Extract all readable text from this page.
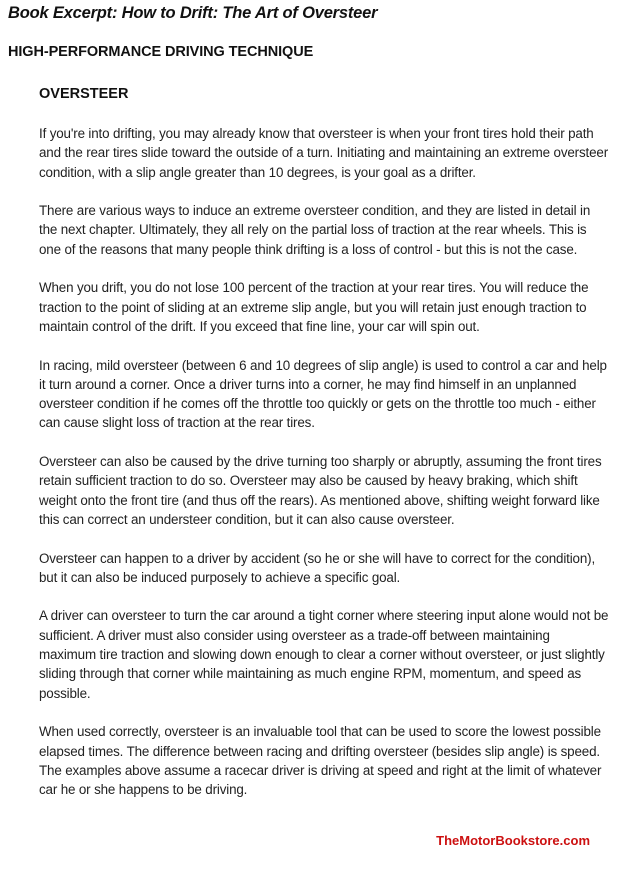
Book Excerpt: How to Drift: The Art of Oversteer
HIGH-PERFORMANCE DRIVING TECHNIQUE
OVERSTEER

If you're into drifting, you may already know that oversteer is when your front tires hold their path and the rear tires slide toward the outside of a turn. Initiating and maintaining an extreme oversteer condition, with a slip angle greater than 10 degrees, is your goal as a drifter.

There are various ways to induce an extreme oversteer condition, and they are listed in detail in the next chapter. Ultimately, they all rely on the partial loss of traction at the rear wheels. This is one of the reasons that many people think drifting is a loss of control - but this is not the case.

When you drift, you do not lose 100 percent of the traction at your rear tires. You will reduce the traction to the point of sliding at an extreme slip angle, but you will retain just enough traction to maintain control of the drift. If you exceed that fine line, your car will spin out.

In racing, mild oversteer (between 6 and 10 degrees of slip angle) is used to control a car and help it turn around a corner. Once a driver turns into a corner, he may find himself in an unplanned oversteer condition if he comes off the throttle too quickly or gets on the throttle too much - either can cause slight loss of traction at the rear tires.

Oversteer can also be caused by the drive turning too sharply or abruptly, assuming the front tires retain sufficient traction to do so. Oversteer may also be caused by heavy braking, which shift weight onto the front tire (and thus off the rears). As mentioned above, shifting weight forward like this can correct an understeer condition, but it can also cause oversteer.

Oversteer can happen to a driver by accident (so he or she will have to correct for the condition), but it can also be induced purposely to achieve a specific goal.

A driver can oversteer to turn the car around a tight corner where steering input alone would not be sufficient. A driver must also consider using oversteer as a trade-off between maintaining maximum tire traction and slowing down enough to clear a corner without oversteer, or just slightly sliding through that corner while maintaining as much engine RPM, momentum, and speed as possible.

When used correctly, oversteer is an invaluable tool that can be used to score the lowest possible elapsed times. The difference between racing and drifting oversteer (besides slip angle) is speed. The examples above assume a racecar driver is driving at speed and right at the limit of whatever car he or she happens to be driving.

TheMotorBookstore.com
